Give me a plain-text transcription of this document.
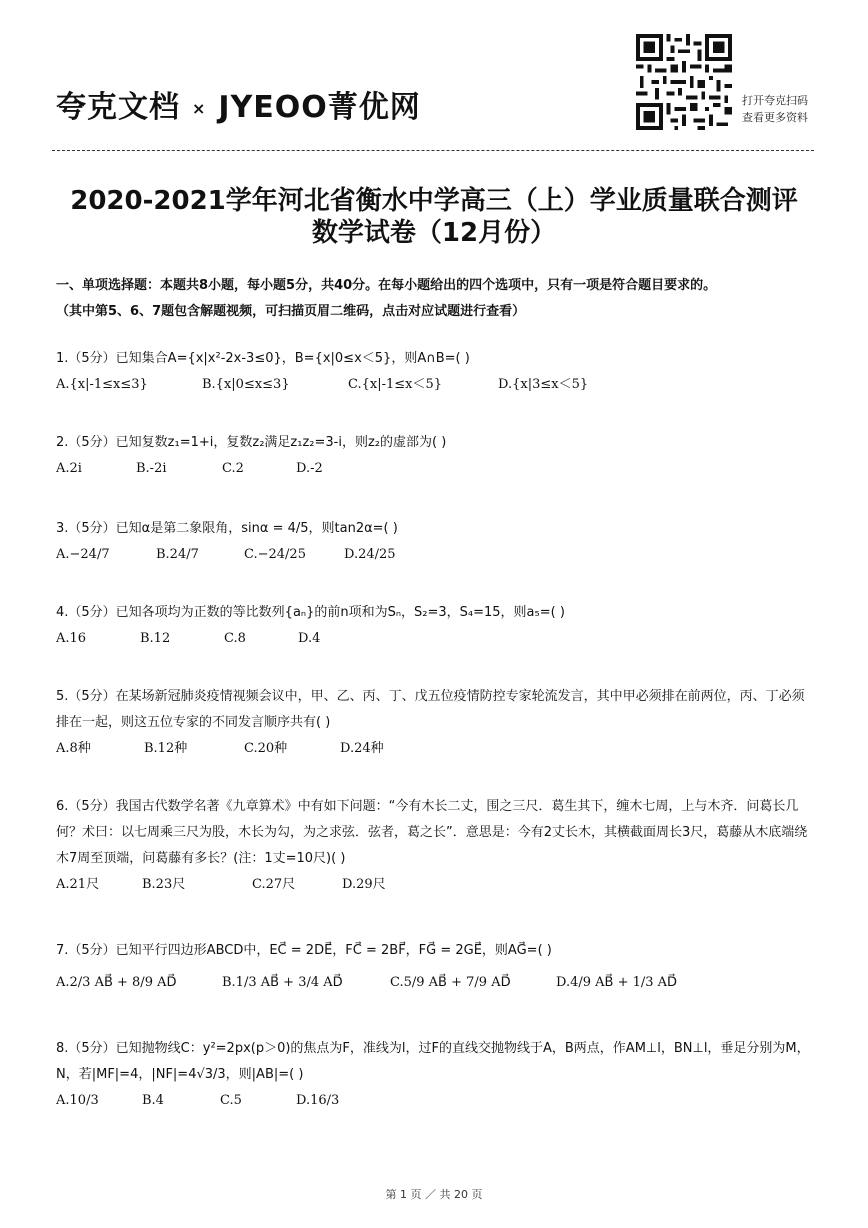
夸克文档 × JYEOO菁优网	打开夸克扫码
查看更多资料
2020-2021学年河北省衡水中学高三（上）学业质量联合测评
数学试卷（12月份）
一、单项选择题：本题共8小题，每小题5分，共40分。在每小题给出的四个选项中，只有一项是符合题目要求的。
（其中第5、6、7题包含解题视频，可扫描页眉二维码，点击对应试题进行查看）
1.（5分）已知集合A={x|x²-2x-3≤0}，B={x|0≤x＜5}，则A∩B=( )
A.{x|-1≤x≤3}	B.{x|0≤x≤3}	C.{x|-1≤x＜5}	D.{x|3≤x＜5}
2.（5分）已知复数z₁=1+i，复数z₂满足z₁z₂=3-i，则z₂的虚部为( )
A.2i	B.-2i	C.2	D.-2
3.（5分）已知α是第二象限角，sinα = 4/5，则tan2α=( )
A.−24/7	B.24/7	C.−24/25	D.24/25
4.（5分）已知各项均为正数的等比数列{aₙ}的前n项和为Sₙ，S₂=3，S₄=15，则a₅=( )
A.16	B.12	C.8	D.4
5.（5分）在某场新冠肺炎疫情视频会议中，甲、乙、丙、丁、戊五位疫情防控专家轮流发言，其中甲必须排在前两位，丙、丁必须排在一起，则这五位专家的不同发言顺序共有( )
A.8种	B.12种	C.20种	D.24种
6.（5分）我国古代数学名著《九章算术》中有如下问题：“今有木长二丈，围之三尺．葛生其下，缠木七周，上与木齐．问葛长几何？术曰：以七周乘三尺为股，木长为勾，为之求弦．弦者，葛之长”．意思是：今有2丈长木，其横截面周长3尺，葛藤从木底端绕木7周至顶端，问葛藤有多长？(注：1丈=10尺)( )
A.21尺	B.23尺	C.27尺	D.29尺
7.（5分）已知平行四边形ABCD中，EC⃗ = 2DE⃗，FC⃗ = 2BF⃗，FG⃗ = 2GE⃗，则AG⃗=( )
A.2/3 AB⃗ + 8/9 AD⃗	B.1/3 AB⃗ + 3/4 AD⃗	C.5/9 AB⃗ + 7/9 AD⃗	D.4/9 AB⃗ + 1/3 AD⃗
8.（5分）已知抛物线C：y²=2px(p＞0)的焦点为F，准线为l，过F的直线交抛物线于A，B两点，作AM⊥l，BN⊥l，垂足分别为M，N，若|MF|=4，|NF|=4√3/3，则|AB|=( )
A.10/3	B.4	C.5	D.16/3
第 1 页 ／ 共 20 页
